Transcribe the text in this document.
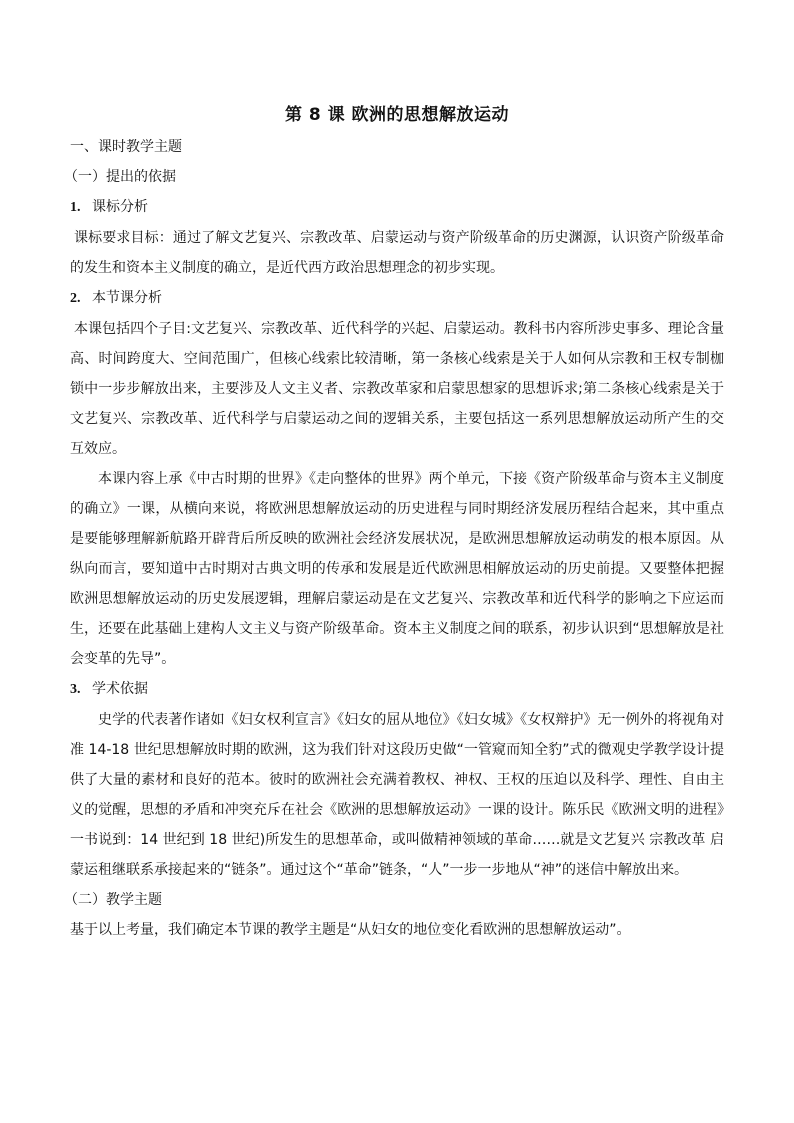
第 8 课 欧洲的思想解放运动

一、课时教学主题

（一）提出的依据

1. 课标分析

课标要求目标：通过了解文艺复兴、宗教改革、启蒙运动与资产阶级革命的历史渊源，认识资产阶级革命的发生和资本主义制度的确立，是近代西方政治思想理念的初步实现。

2. 本节课分析

本课包括四个子目:文艺复兴、宗教改革、近代科学的兴起、启蒙运动。教科书内容所涉史事多、理论含量高、时间跨度大、空间范围广，但核心线索比较清晰，第一条核心线索是关于人如何从宗教和王权专制枷锁中一步步解放出来，主要涉及人文主义者、宗教改革家和启蒙思想家的思想诉求;第二条核心线索是关于文艺复兴、宗教改革、近代科学与启蒙运动之间的逻辑关系，主要包括这一系列思想解放运动所产生的交互效应。

本课内容上承《中古时期的世界》《走向整体的世界》两个单元，下接《资产阶级革命与资本主义制度的确立》一课，从横向来说，将欧洲思想解放运动的历史进程与同时期经济发展历程结合起来，其中重点是要能够理解新航路开辟背后所反映的欧洲社会经济发展状况，是欧洲思想解放运动萌发的根本原因。从纵向而言，要知道中古时期对古典文明的传承和发展是近代欧洲思相解放运动的历史前提。又要整体把握欧洲思想解放运动的历史发展逻辑，理解启蒙运动是在文艺复兴、宗教改革和近代科学的影响之下应运而生，还要在此基础上建构人文主义与资产阶级革命。资本主义制度之间的联系，初步认识到“思想解放是社会变革的先导”。

3. 学术依据

史学的代表著作诸如《妇女权利宣言》《妇女的屈从地位》《妇女城》《女权辩护》无一例外的将视角对准 14-18 世纪思想解放时期的欧洲，这为我们针对这段历史做“一管窥而知全豹”式的微观史学教学设计提供了大量的素材和良好的范本。彼时的欧洲社会充满着教权、神权、王权的压迫以及科学、理性、自由主义的觉醒，思想的矛盾和冲突充斥在社会《欧洲的思想解放运动》一课的设计。陈乐民《欧洲文明的进程》一书说到：14 世纪到 18 世纪)所发生的思想革命，或叫做精神领域的革命……就是文艺复兴 宗教改革 启蒙运租继联系承接起来的“链条”。通过这个“革命”链条，“人”一步一步地从“神”的迷信中解放出来。

（二）教学主题

基于以上考量，我们确定本节课的教学主题是“从妇女的地位变化看欧洲的思想解放运动”。
